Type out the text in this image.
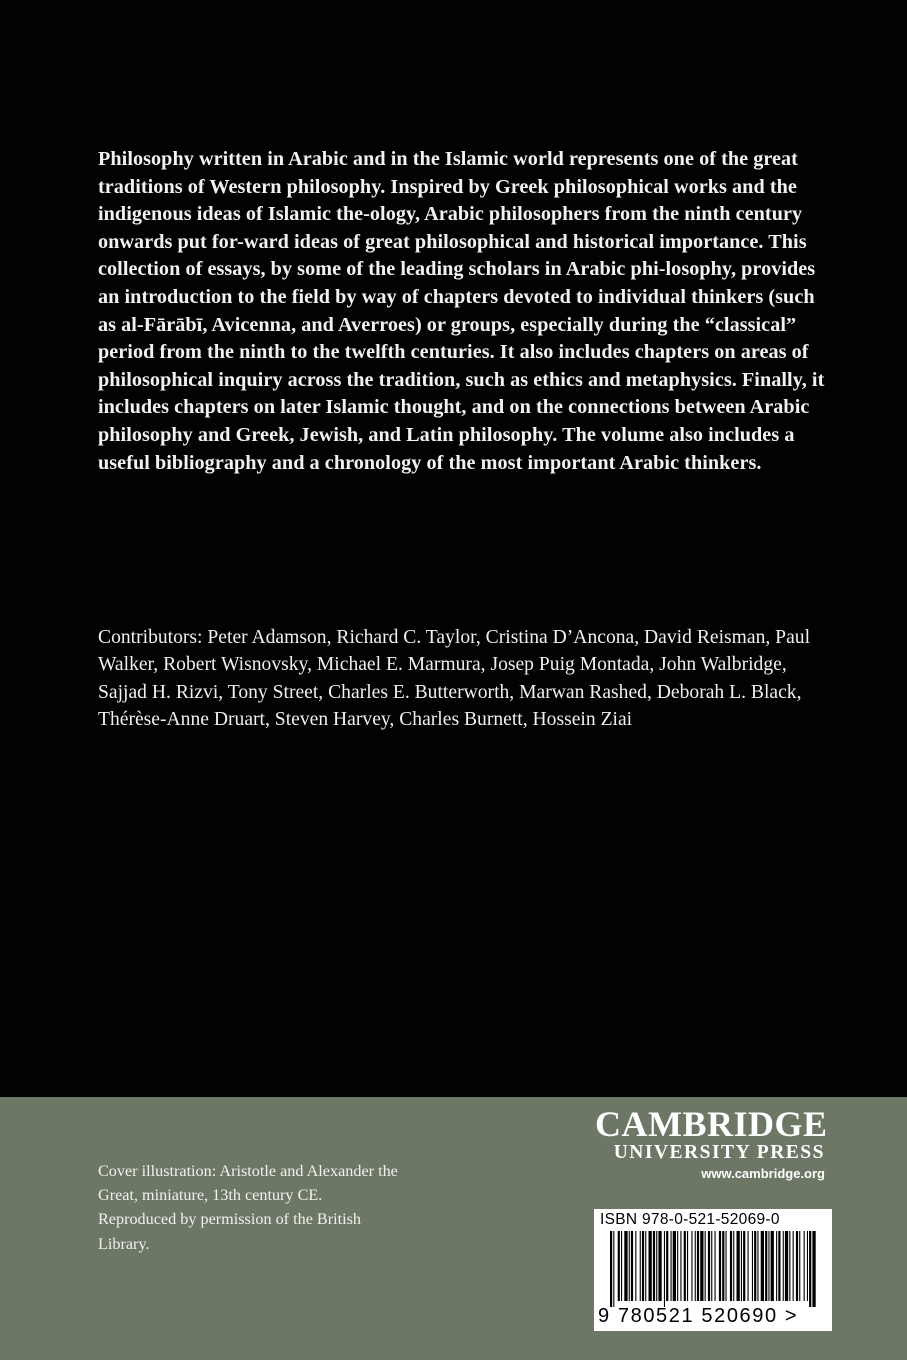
Philosophy written in Arabic and in the Islamic world represents one of the great traditions of Western philosophy. Inspired by Greek philosophical works and the indigenous ideas of Islamic the-ology, Arabic philosophers from the ninth century onwards put for-ward ideas of great philosophical and historical importance. This collection of essays, by some of the leading scholars in Arabic phi-losophy, provides an introduction to the field by way of chapters devoted to individual thinkers (such as al-Fārābī, Avicenna, and Averroes) or groups, especially during the “classical” period from the ninth to the twelfth centuries. It also includes chapters on areas of philosophical inquiry across the tradition, such as ethics and metaphysics. Finally, it includes chapters on later Islamic thought, and on the connections between Arabic philosophy and Greek, Jewish, and Latin philosophy. The volume also includes a useful bibliography and a chronology of the most important Arabic thinkers.

Contributors: Peter Adamson, Richard C. Taylor, Cristina D’Ancona, David Reisman, Paul Walker, Robert Wisnovsky, Michael E. Marmura, Josep Puig Montada, John Walbridge, Sajjad H. Rizvi, Tony Street, Charles E. Butterworth, Marwan Rashed, Deborah L. Black, Thérèse-Anne Druart, Steven Harvey, Charles Burnett, Hossein Ziai

Cover illustration: Aristotle and Alexander the Great, miniature, 13th century CE. Reproduced by permission of the British Library.

CAMBRIDGE
UNIVERSITY PRESS
www.cambridge.org
ISBN 978-0-521-52069-0
9 780521 520690 >
